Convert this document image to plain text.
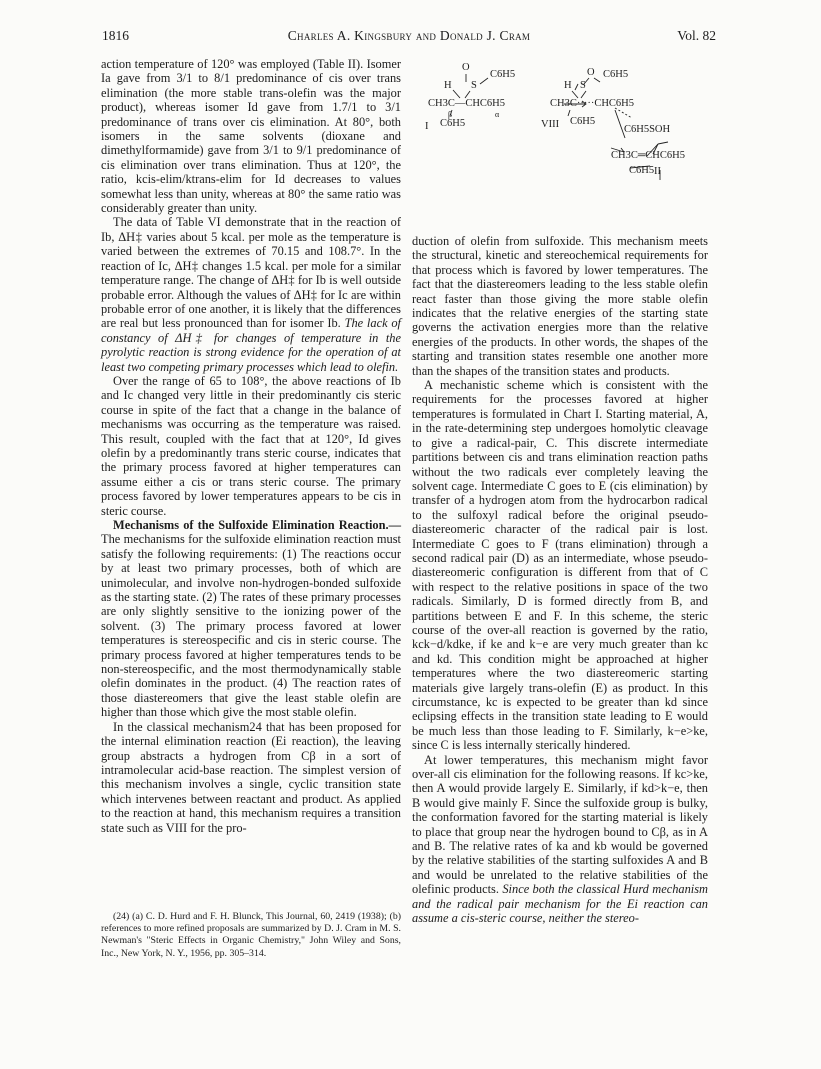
1816	Charles A. Kingsbury and Donald J. Cram	Vol. 82

action temperature of 120° was employed (Table II). Isomer Ia gave from 3/1 to 8/1 predominance of cis over trans elimination (the more stable trans-olefin was the major product), whereas isomer Id gave from 1.7/1 to 3/1 predominance of trans over cis elimination. At 80°, both isomers in the same solvents (dioxane and dimethylformamide) gave from 3/1 to 9/1 predominance of cis elimination over trans elimination. Thus at 120°, the ratio, kcis-elim/ktrans-elim for Id decreases to values somewhat less than unity, whereas at 80° the same ratio was considerably greater than unity.

The data of Table VI demonstrate that in the reaction of Ib, ΔH‡ varies about 5 kcal. per mole as the temperature is varied between the extremes of 70.15 and 108.7°. In the reaction of Ic, ΔH‡ changes 1.5 kcal. per mole for a similar temperature range. The change of ΔH‡ for Ib is well outside probable error. Although the values of ΔH‡ for Ic are within probable error of one another, it is likely that the differences are real but less pronounced than for isomer Ib. The lack of constancy of ΔH‡ for changes of temperature in the pyrolytic reaction is strong evidence for the operation of at least two competing primary processes which lead to olefin.

Over the range of 65 to 108°, the above reactions of Ib and Ic changed very little in their predominantly cis steric course in spite of the fact that a change in the balance of mechanisms was occurring as the temperature was raised. This result, coupled with the fact that at 120°, Id gives olefin by a predominantly trans steric course, indicates that the primary process favored at higher temperatures can assume either a cis or trans steric course. The primary process favored by lower temperatures appears to be cis in steric course.

Mechanisms of the Sulfoxide Elimination Reaction.—The mechanisms for the sulfoxide elimination reaction must satisfy the following requirements: (1) The reactions occur by at least two primary processes, both of which are unimolecular, and involve non-hydrogen-bonded sulfoxide as the starting state. (2) The rates of these primary processes are only slightly sensitive to the ionizing power of the solvent. (3) The primary process favored at lower temperatures is stereospecific and cis in steric course. The primary process favored at higher temperatures tends to be non-stereospecific, and the most thermodynamically stable olefin dominates in the product. (4) The reaction rates of those diastereomers that give the least stable olefin are higher than those which give the most stable olefin.

In the classical mechanism24 that has been proposed for the internal elimination reaction (Ei reaction), the leaving group abstracts a hydrogen from Cβ in a sort of intramolecular acid-base reaction. The simplest version of this mechanism involves a single, cyclic transition state which intervenes between reactant and product. As applied to the reaction at hand, this mechanism requires a transition state such as VIII for the pro-

(24) (a) C. D. Hurd and F. H. Blunck, This Journal, 60, 2419 (1938); (b) references to more refined proposals are summarized by D. J. Cram in M. S. Newman's "Steric Effects in Organic Chemistry," John Wiley and Sons, Inc., New York, N. Y., 1956, pp. 305–314.

O
C6H5
H S
CH3C—CHC6H5
β	α
I C6H5
O C6H5
H S
CH3C·····CHC6H5
VIII C6H5
C6H5SOH
CH3C═CHC6H5
C6H5 II

duction of olefin from sulfoxide. This mechanism meets the structural, kinetic and stereochemical requirements for that process which is favored by lower temperatures. The fact that the diastereomers leading to the less stable olefin react faster than those giving the more stable olefin indicates that the relative energies of the starting state governs the activation energies more than the relative energies of the products. In other words, the shapes of the starting and transition states resemble one another more than the shapes of the transition states and products.

A mechanistic scheme which is consistent with the requirements for the processes favored at higher temperatures is formulated in Chart I. Starting material, A, in the rate-determining step undergoes homolytic cleavage to give a radical-pair, C. This discrete intermediate partitions between cis and trans elimination reaction paths without the two radicals ever completely leaving the solvent cage. Intermediate C goes to E (cis elimination) by transfer of a hydrogen atom from the hydrocarbon radical to the sulfoxyl radical before the original pseudo-diastereomeric character of the radical pair is lost. Intermediate C goes to F (trans elimination) through a second radical pair (D) as an intermediate, whose pseudo-diastereomeric configuration is different from that of C with respect to the relative positions in space of the two radicals. Similarly, D is formed directly from B, and partitions between E and F. In this scheme, the steric course of the over-all reaction is governed by the ratio, kck−d/kdke, if ke and k−e are very much greater than kc and kd. This condition might be approached at higher temperatures where the two diastereomeric starting materials give largely trans-olefin (E) as product. In this circumstance, kc is expected to be greater than kd since eclipsing effects in the transition state leading to E would be much less than those leading to F. Similarly, k−e>ke, since C is less internally sterically hindered.

At lower temperatures, this mechanism might favor over-all cis elimination for the following reasons. If kc>ke, then A would provide largely E. Similarly, if kd>k−e, then B would give mainly F. Since the sulfoxide group is bulky, the conformation favored for the starting material is likely to place that group near the hydrogen bound to Cβ, as in A and B. The relative rates of ka and kb would be governed by the relative stabilities of the starting sulfoxides A and B and would be unrelated to the relative stabilities of the olefinic products. Since both the classical Hurd mechanism and the radical pair mechanism for the Ei reaction can assume a cis-steric course, neither the stereo-
